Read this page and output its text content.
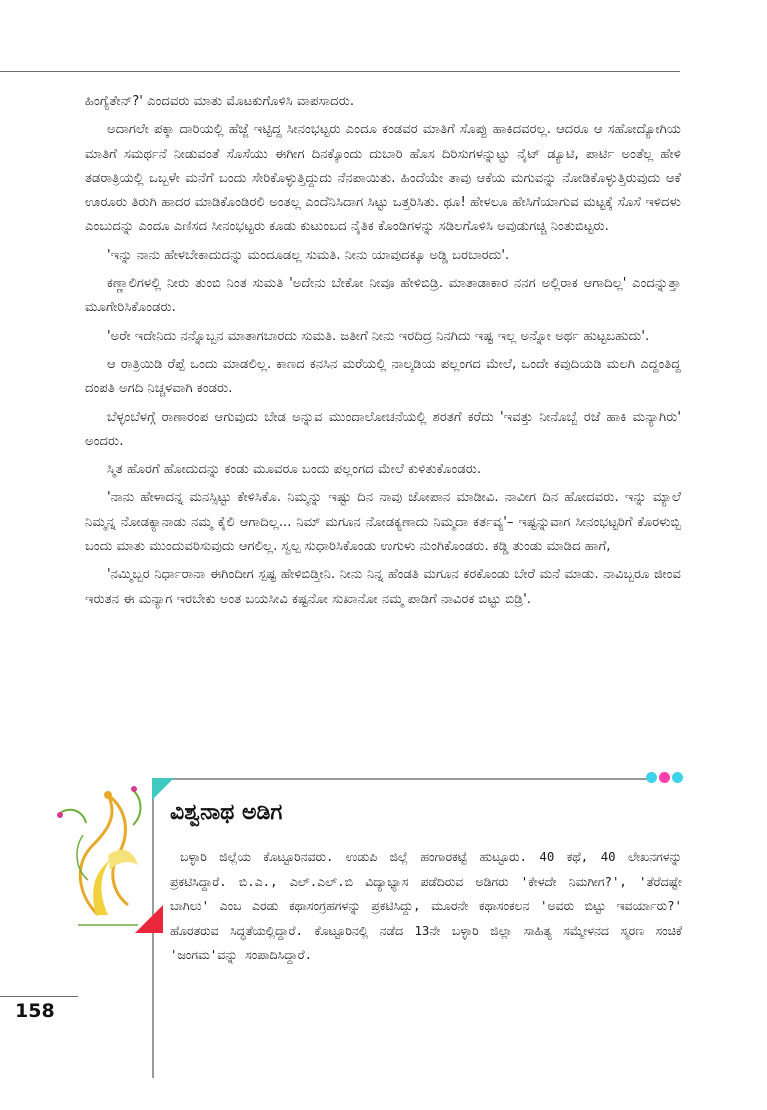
ಹಿಂಗ್ಯೆತೇನ್?' ಎಂದವರು ಮಾತು ಮೊಟಕುಗೊಳಿಸಿ ವಾಪಸಾದರು.

ಅದಾಗಲೇ ಪಕ್ಕಾ ದಾರಿಯಲ್ಲಿ ಹೆಜ್ಜೆ ಇಟ್ಟಿದ್ದ ಸೀನಂಭಟ್ಟರು ಎಂದೂ ಕಂಡವರ ಮಾತಿಗೆ ಸೊಪ್ಪು ಹಾಕಿದವರಲ್ಲ. ಆದರೂ ಆ ಸಹೋದ್ಯೋಗಿಯ ಮಾತಿಗೆ ಸಮರ್ಥನೆ ನೀಡುವಂತೆ ಸೊಸೆಯು ಈಗೀಗ ದಿನಕ್ಕೊಂದು ದುಬಾರಿ ಹೊಸ ದಿರಿಸುಗಳನ್ನುಟ್ಟು ನೈಟ್ ಡ್ಯೂಟಿ, ಪಾರ್ಟಿ ಅಂತೆಲ್ಲ ಹೇಳಿ ತಡರಾತ್ರಿಯಲ್ಲಿ ಒಬ್ಬಳೇ ಮನೆಗೆ ಬಂದು ಸೇರಿಕೊಳ್ಳುತ್ತಿದ್ದುದು ನೆನಪಾಯಿತು. ಹಿಂದೆಯೇ ತಾವು ಆಕೆಯ ಮಗುವನ್ನು ನೋಡಿಕೊಳ್ಳುತ್ತಿರುವುದು ಆಕೆ ಊರೂರು ತಿರುಗಿ ಹಾದರ ಮಾಡಿಕೊಂಡಿರಲಿ ಅಂತಲ್ಲ ಎಂದೆನಿಸಿದಾಗ ಸಿಟ್ಟು ಒತ್ತರಿಸಿತು. ಥೂ! ಹೇಳಲೂ ಹೇಸಿಗೆಯಾಗುವ ಮಟ್ಟಕ್ಕೆ ಸೊಸೆ ಇಳಿದಳು ಎಂಬುದನ್ನು ಎಂದೂ ಎಣಿಸದ ಸೀನಂಭಟ್ಟರು ಕೂಡು ಕುಟುಂಬದ ನೈತಿಕ ಕೊಂಡಿಗಳನ್ನು ಸಡಿಲಗೊಳಿಸಿ ಅವುಡುಗಚ್ಚಿ ನಿಂತುಬಿಟ್ಟರು.

'ಇನ್ನು ನಾನು ಹೇಳಬೇಕಾದುದನ್ನು ಮಂದೂಡಲ್ಲ ಸುಮತಿ. ನೀನು ಯಾವುದಕ್ಕೂ ಅಡ್ಡಿ ಬರಬಾರದು'.

ಕಣ್ಣಾಲಿಗಳಲ್ಲಿ ನೀರು ತುಂಬಿ ನಿಂತ ಸುಮತಿ 'ಅದೇನು ಬೇಕೋ ನೀವೂ ಹೇಳಿಬಿಡ್ರಿ. ಮಾತಾಡಾಕಾರ ನನಗ ಅಲ್ಲಿರಾಕ ಆಗಾದಿಲ್ಲ' ಎಂದನ್ನುತ್ತಾ ಮೂಗೇರಿಸಿಕೊಂಡರು.

'ಅರೇ ಇದೇನಿದು ನನ್ನೊಬ್ಬನ ಮಾತಾಗಬಾರದು ಸುಮತಿ. ಜತೀಗೆ ನೀನು ಇರದಿದ್ರ ನಿನಗಿದು ಇಷ್ಟ ಇಲ್ಲ ಅನ್ನೋ ಅರ್ಥ ಹುಟ್ಟಬಹುದು'.

ಆ ರಾತ್ರಿಯಿಡಿ ರೆಪ್ಪೆ ಒಂದು ಮಾಡಲಿಲ್ಲ. ಕಾಣದ ಕನಸಿನ ಮರೆಯಲ್ಲಿ ನಾಲ್ಕಡಿಯ ಪಲ್ಲಂಗದ ಮೇಲೆ, ಒಂದೇ ಕವುದಿಯಡಿ ಮಲಗಿ ಎದ್ದಂತಿದ್ದ ದಂಪತಿ ಅಗದಿ ನಿಚ್ಚಳವಾಗಿ ಕಂಡರು.

ಬೆಳ್ಳಂಬೆಳಗ್ಗೆ ರಾಣಾರಂಪ ಆಗುವುದು ಬೇಡ ಅನ್ನುವ ಮುಂದಾಲೋಚನೆಯಲ್ಲಿ ಶರತಗೆ ಕರೆದು 'ಇವತ್ತು ನೀನೊಬ್ಬೆ ರಜೆ ಹಾಕಿ ಮನ್ಯಾಗಿರು' ಅಂದರು.

ಸ್ಮಿತ ಹೊರಗೆ ಹೋದುದನ್ನು ಕಂಡು ಮೂವರೂ ಬಂದು ಪಲ್ಲಂಗದ ಮೇಲೆ ಕುಳಿತುಕೊಂಡರು.

'ನಾನು ಹೇಳಾದನ್ನ ಮನಸ್ಸಿಟ್ಟು ಕೇಳಿಸಿಕೊ. ನಿಮ್ಮನ್ನು ಇಷ್ಟು ದಿನ ನಾವು ಜೋಪಾನ ಮಾಡೀವಿ. ನಾವೀಗ ದಿನ ಹೋದವರು. ಇನ್ನು ಮ್ಯಾಲೆ ನಿಮ್ಮನ್ನ ನೋಡಕ್ಯಾನಾಡು ನಮ್ಮ ಕೈಲಿ ಆಗಾದಿಲ್ಲ... ನಿಮ್ ಮಗೂನ ನೋಡಕ್ಯಣಾದು ನಿಮ್ಮದಾ ಕರ್ತವ್ಯ'– ಇಷ್ಟನ್ನುವಾಗ ಸೀನಂಭಟ್ಟರಿಗೆ ಕೊರಳುಬ್ಬಿ ಬಂದು ಮಾತು ಮುಂದುವರಿಸುವುದು ಆಗಲಿಲ್ಲ. ಸ್ವಲ್ಪ ಸುಧಾರಿಸಿಕೊಂಡು ಉಗುಳು ನುಂಗಿಕೊಂಡರು. ಕಡ್ಡಿ ತುಂಡು ಮಾಡಿದ ಹಾಗೆ,

'ನಮ್ಮಿಬ್ಬರ ನಿರ್ಧಾರಾನಾ ಈಗಿಂದೀಗ ಸ್ಪಷ್ಟ ಹೇಳಿಬಿಡ್ತೀನಿ. ನೀನು ನಿನ್ನ ಹೆಂಡತಿ ಮಗೂನ ಕರಕೊಂಡು ಬೇರೆ ಮನೆ ಮಾಡು. ನಾವಿಬ್ಬರೂ ಜೀಂವ ಇರುತನ ಈ ಮನ್ಯಾಗ ಇರಬೇಕು ಅಂತ ಬಯಸೀವಿ ಕಷ್ಟನೋ ಸುಖಾನೋ ನಮ್ಮ ಪಾಡಿಗೆ ನಾವಿರಕ ಬಿಟ್ಟು ಬಿಡ್ರಿ'.

ವಿಶ್ವನಾಥ ಅಡಿಗ

ಬಳ್ಳಾರಿ ಜಿಲ್ಲೆಯ ಕೊಟ್ಟೂರಿನವರು. ಉಡುಪಿ ಜಿಲ್ಲೆ ಹಂಗಾರಕಟ್ಟೆ ಹುಟ್ಟೂರು. 40 ಕಥೆ, 40 ಲೇಖನಗಳನ್ನು ಪ್ರಕಟಿಸಿದ್ದಾರೆ. ಬಿ.ಎ., ಎಲ್.ಎಲ್.ಬಿ ವಿದ್ಯಾಭ್ಯಾಸ ಪಡೆದಿರುವ ಅಡಿಗರು 'ಕೇಳದೇ ನಿಮಗೀಗ?', 'ತೆರೆದಷ್ಟೇ ಬಾಗಿಲು' ಎಂಬ ಎರಡು ಕಥಾಸಂಗ್ರಹಗಳನ್ನು ಪ್ರಕಟಿಸಿದ್ದು, ಮೂರನೇ ಕಥಾಸಂಕಲನ 'ಅವರು ಬಿಟ್ಟು ಇವರ್ಯಾರು?' ಹೊರತರುವ ಸಿದ್ಧತೆಯಲ್ಲಿದ್ದಾರೆ. ಕೊಟ್ಟೂರಿನಲ್ಲಿ ನಡೆದ 13ನೇ ಬಳ್ಳಾರಿ ಜಿಲ್ಲಾ ಸಾಹಿತ್ಯ ಸಮ್ಮೇಳನದ ಸ್ಮರಣ ಸಂಚಿಕೆ 'ಜಂಗಮ'ವನ್ನು ಸಂಪಾದಿಸಿದ್ದಾರೆ.

158
